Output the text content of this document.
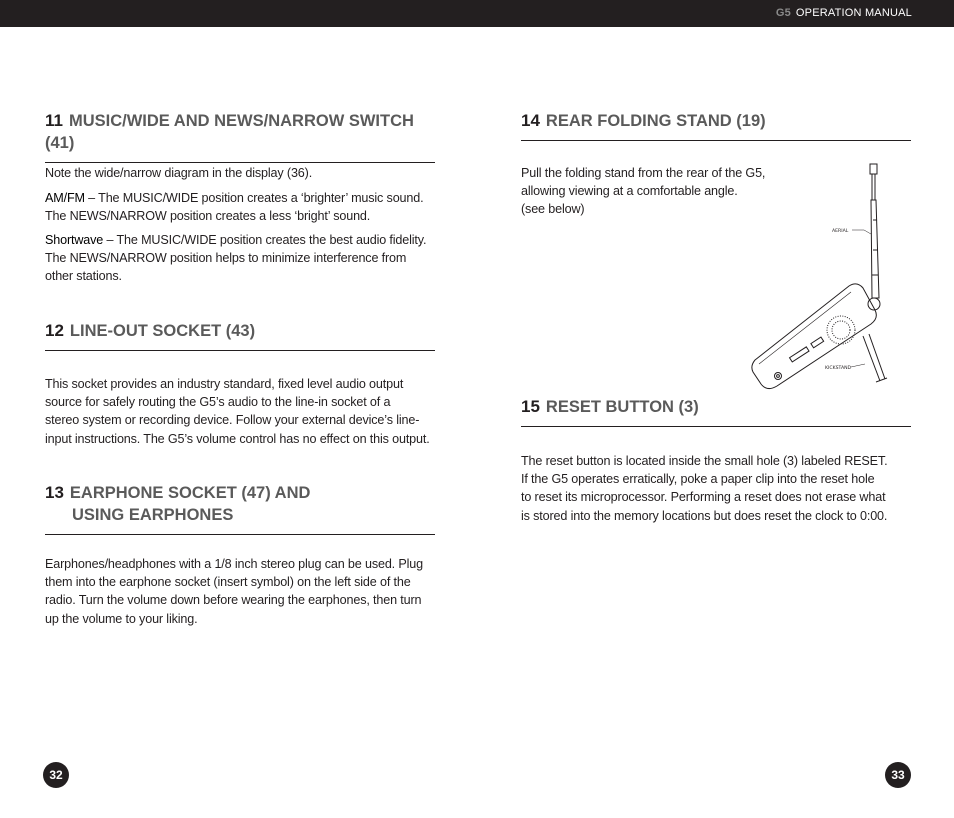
G5 OPERATION MANUAL
11 MUSIC/WIDE AND NEWS/NARROW SWITCH (41)

Note the wide/narrow diagram in the display (36).

AM/FM – The MUSIC/WIDE position creates a ‘brighter’ music sound.
The NEWS/NARROW position creates a less ‘bright’ sound.

Shortwave – The MUSIC/WIDE position creates the best audio fidelity.
The NEWS/NARROW position helps to minimize interference from
other stations.

12 LINE-OUT SOCKET (43)

This socket provides an industry standard, fixed level audio output
source for safely routing the G5’s audio to the line-in socket of a
stereo system or recording device. Follow your external device’s line-
input instructions. The G5’s volume control has no effect on this output.

13 EARPHONE SOCKET (47) AND
USING EARPHONES

Earphones/headphones with a 1/8 inch stereo plug can be used. Plug
them into the earphone socket (insert symbol) on the left side of the
radio. Turn the volume down before wearing the earphones, then turn
up the volume to your liking.

32
14 REAR FOLDING STAND (19)

Pull the folding stand from the rear of the G5,
allowing viewing at a comfortable angle.
(see below)

15 RESET BUTTON (3)

The reset button is located inside the small hole (3) labeled RESET.
If the G5 operates erratically, poke a paper clip into the reset hole
to reset its microprocessor. Performing a reset does not erase what
is stored into the memory locations but does reset the clock to 0:00.

AERIAL
KICKSTAND
33
